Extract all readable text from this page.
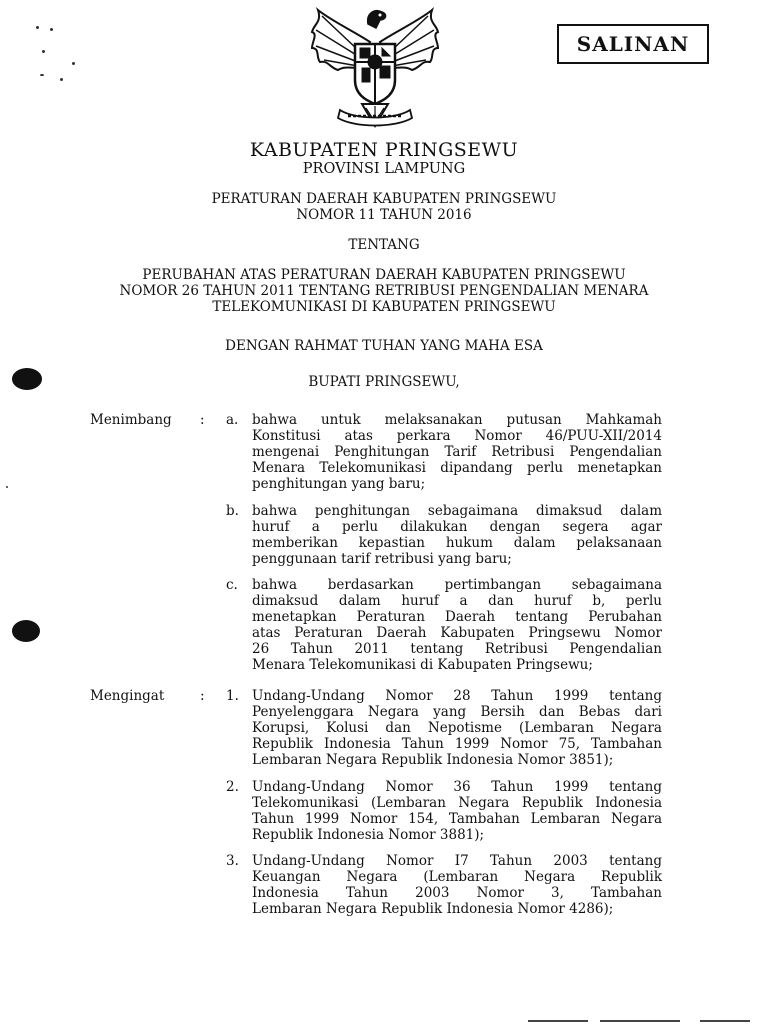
SALINAN
KABUPATEN PRINGSEWU
PROVINSI LAMPUNG
PERATURAN DAERAH KABUPATEN PRINGSEWU
NOMOR 11 TAHUN 2016
TENTANG
PERUBAHAN ATAS PERATURAN DAERAH KABUPATEN PRINGSEWU
NOMOR 26 TAHUN 2011 TENTANG RETRIBUSI PENGENDALIAN MENARA
TELEKOMUNIKASI DI KABUPATEN PRINGSEWU
DENGAN RAHMAT TUHAN YANG MAHA ESA
BUPATI PRINGSEWU,
Menimbang : a. bahwa untuk melaksanakan putusan Mahkamah
Konstitusi atas perkara Nomor 46/PUU-XII/2014
mengenai Penghitungan Tarif Retribusi Pengendalian
Menara Telekomunikasi dipandang perlu menetapkan
penghitungan yang baru;
b. bahwa penghitungan sebagaimana dimaksud dalam
huruf a perlu dilakukan dengan segera agar
memberikan kepastian hukum dalam pelaksanaan
penggunaan tarif retribusi yang baru;
c. bahwa berdasarkan pertimbangan sebagaimana
dimaksud dalam huruf a dan huruf b, perlu
menetapkan Peraturan Daerah tentang Perubahan
atas Peraturan Daerah Kabupaten Pringsewu Nomor
26 Tahun 2011 tentang Retribusi Pengendalian
Menara Telekomunikasi di Kabupaten Pringsewu;
Mengingat	: 1. Undang-Undang Nomor 28 Tahun 1999 tentang
Penyelenggara Negara yang Bersih dan Bebas dari
Korupsi, Kolusi dan Nepotisme (Lembaran Negara
Republik Indonesia Tahun 1999 Nomor 75, Tambahan
Lembaran Negara Republik Indonesia Nomor 3851);
2. Undang-Undang Nomor 36 Tahun 1999 tentang
Telekomunikasi (Lembaran Negara Republik Indonesia
Tahun 1999 Nomor 154, Tambahan Lembaran Negara
Republik Indonesia Nomor 3881);
3. Undang-Undang Nomor I7 Tahun 2003 tentang
Keuangan Negara (Lembaran Negara Republik
Indonesia Tahun 2003 Nomor 3, Tambahan
Lembaran Negara Republik Indonesia Nomor 4286);
